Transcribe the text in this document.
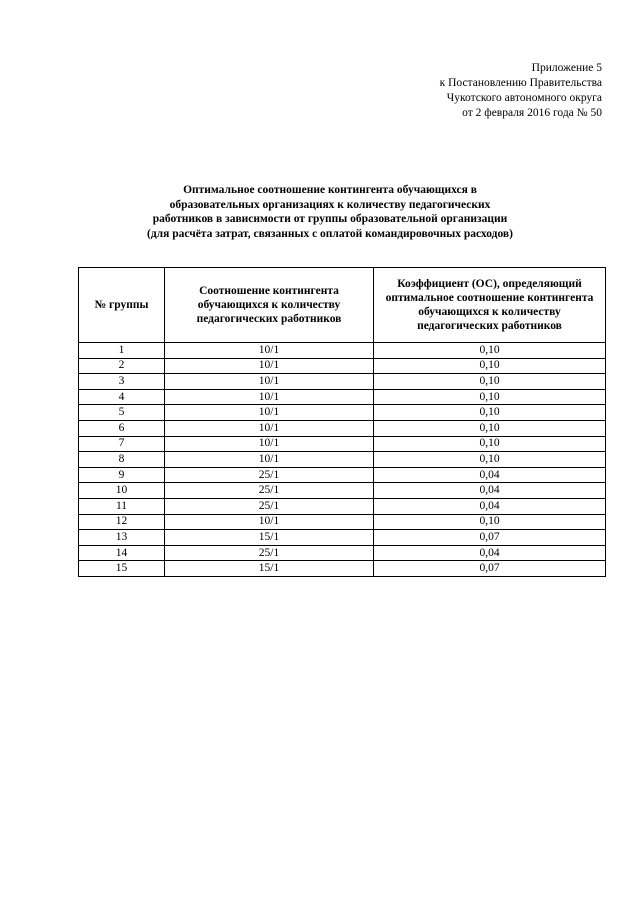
Приложение 5
к Постановлению Правительства
Чукотского автономного округа
от 2 февраля 2016 года № 50
Оптимальное соотношение контингента обучающихся в
образовательных организациях к количеству педагогических
работников в зависимости от группы образовательной организации
(для расчёта затрат, связанных с оплатой командировочных расходов)
№ группы	Соотношение контингента обучающихся к количеству педагогических работников	Коэффициент (ОС), определяющий оптимальное соотношение контингента обучающихся к количеству педагогических работников
1	10/1	0,10
2	10/1	0,10
3	10/1	0,10
4	10/1	0,10
5	10/1	0,10
6	10/1	0,10
7	10/1	0,10
8	10/1	0,10
9	25/1	0,04
10	25/1	0,04
11	25/1	0,04
12	10/1	0,10
13	15/1	0,07
14	25/1	0,04
15	15/1	0,07
